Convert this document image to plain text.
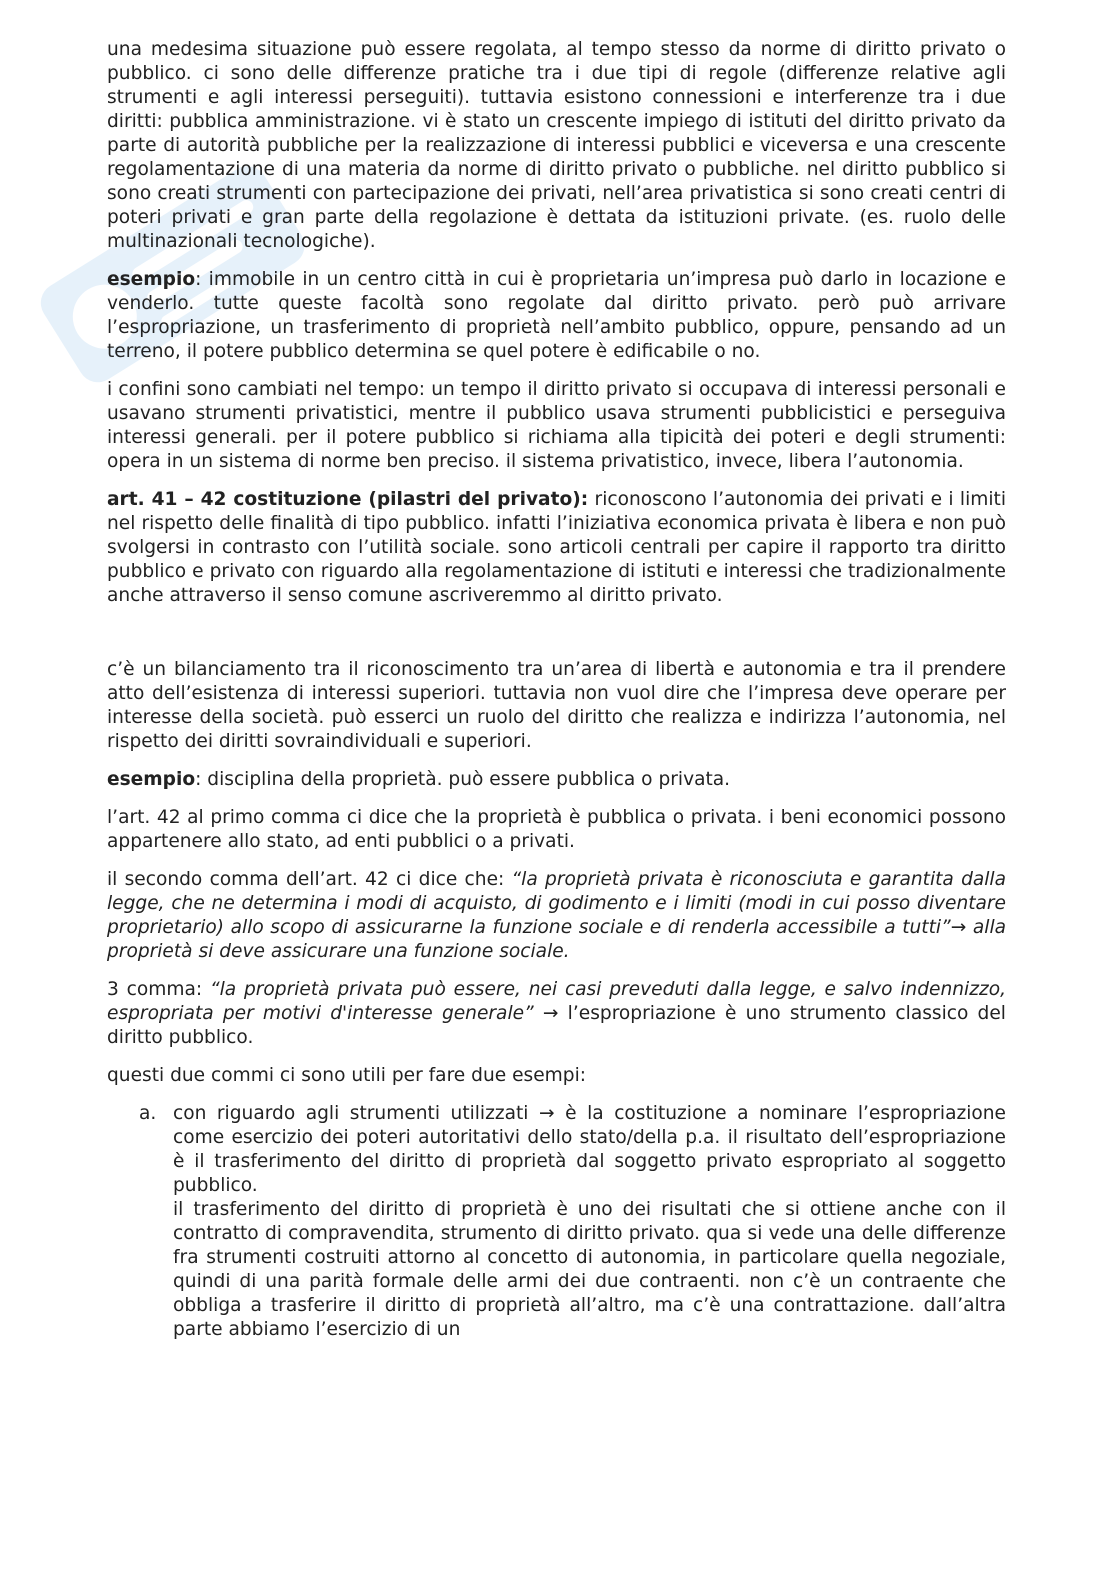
una medesima situazione può essere regolata, al tempo stesso da norme di diritto privato o pubblico. ci sono delle differenze pratiche tra i due tipi di regole (differenze relative agli strumenti e agli interessi perseguiti). tuttavia esistono connessioni e interferenze tra i due diritti: pubblica amministrazione. vi è stato un crescente impiego di istituti del diritto privato da parte di autorità pubbliche per la realizzazione di interessi pubblici e viceversa e una crescente regolamentazione di una materia da norme di diritto privato o pubbliche. nel diritto pubblico si sono creati strumenti con partecipazione dei privati, nell’area privatistica si sono creati centri di poteri privati e gran parte della regolazione è dettata da istituzioni private. (es. ruolo delle multinazionali tecnologiche).

esempio: immobile in un centro città in cui è proprietaria un’impresa può darlo in locazione e venderlo. tutte queste facoltà sono regolate dal diritto privato. però può arrivare l’espropriazione, un trasferimento di proprietà nell’ambito pubblico, oppure, pensando ad un terreno, il potere pubblico determina se quel potere è edificabile o no.

i confini sono cambiati nel tempo: un tempo il diritto privato si occupava di interessi personali e usavano strumenti privatistici, mentre il pubblico usava strumenti pubblicistici e perseguiva interessi generali. per il potere pubblico si richiama alla tipicità dei poteri e degli strumenti: opera in un sistema di norme ben preciso. il sistema privatistico, invece, libera l’autonomia.

art. 41 – 42 costituzione (pilastri del privato): riconoscono l’autonomia dei privati e i limiti nel rispetto delle finalità di tipo pubblico. infatti l’iniziativa economica privata è libera e non può svolgersi in contrasto con l’utilità sociale. sono articoli centrali per capire il rapporto tra diritto pubblico e privato con riguardo alla regolamentazione di istituti e interessi che tradizionalmente anche attraverso il senso comune ascriveremmo al diritto privato.

c’è un bilanciamento tra il riconoscimento tra un’area di libertà e autonomia e tra il prendere atto dell’esistenza di interessi superiori. tuttavia non vuol dire che l’impresa deve operare per interesse della società. può esserci un ruolo del diritto che realizza e indirizza l’autonomia, nel rispetto dei diritti sovraindividuali e superiori.

esempio: disciplina della proprietà. può essere pubblica o privata.

l’art. 42 al primo comma ci dice che la proprietà è pubblica o privata. i beni economici possono appartenere allo stato, ad enti pubblici o a privati.

il secondo comma dell’art. 42 ci dice che: “la proprietà privata è riconosciuta e garantita dalla legge, che ne determina i modi di acquisto, di godimento e i limiti (modi in cui posso diventare proprietario) allo scopo di assicurarne la funzione sociale e di renderla accessibile a tutti”→ alla proprietà si deve assicurare una funzione sociale.

3 comma: “la proprietà privata può essere, nei casi preveduti dalla legge, e salvo indennizzo, espropriata per motivi d'interesse generale” → l’espropriazione è uno strumento classico del diritto pubblico.

questi due commi ci sono utili per fare due esempi:

a. con riguardo agli strumenti utilizzati → è la costituzione a nominare l’espropriazione come esercizio dei poteri autoritativi dello stato/della p.a. il risultato dell’espropriazione è il trasferimento del diritto di proprietà dal soggetto privato espropriato al soggetto pubblico.
il trasferimento del diritto di proprietà è uno dei risultati che si ottiene anche con il contratto di compravendita, strumento di diritto privato. qua si vede una delle differenze fra strumenti costruiti attorno al concetto di autonomia, in particolare quella negoziale, quindi di una parità formale delle armi dei due contraenti. non c’è un contraente che obbliga a trasferire il diritto di proprietà all’altro, ma c’è una contrattazione. dall’altra parte abbiamo l’esercizio di un
